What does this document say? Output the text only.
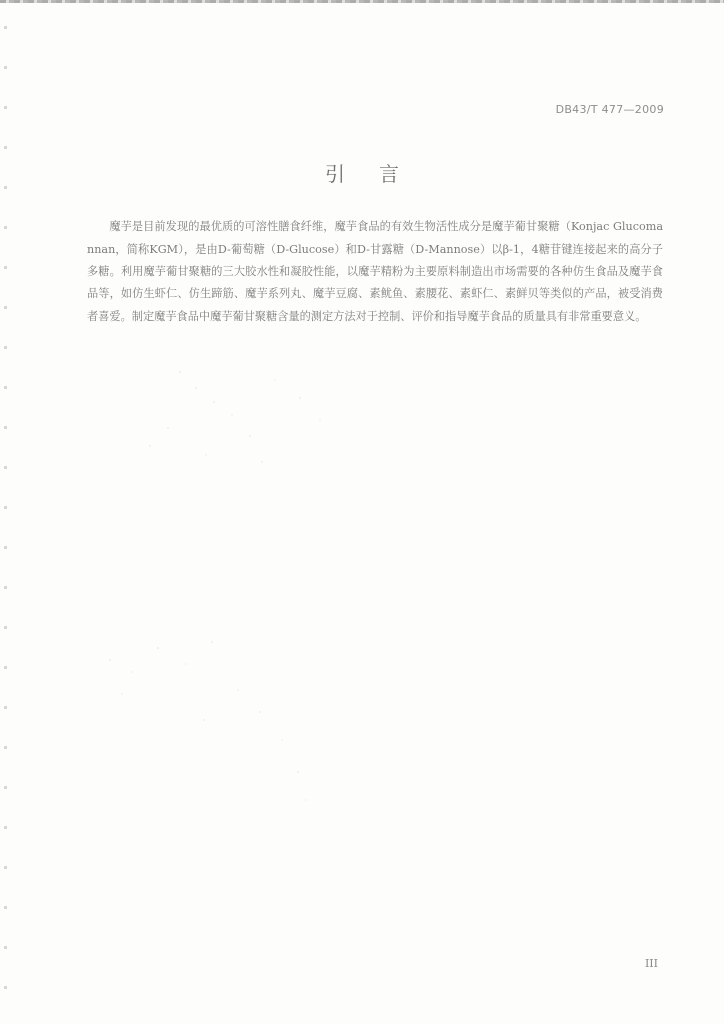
DB43/T 477—2009
引言

魔芋是目前发现的最优质的可溶性膳食纤维，魔芋食品的有效生物活性成分是魔芋葡甘聚糖（Konjac Glucomannan，简称KGM），是由D-葡萄糖（D-Glucose）和D-甘露糖（D-Mannose）以β-1，4糖苷键连接起来的高分子多糖。利用魔芋葡甘聚糖的三大胶水性和凝胶性能，以魔芋精粉为主要原料制造出市场需要的各种仿生食品及魔芋食品等，如仿生虾仁、仿生蹄筋、魔芋系列丸、魔芋豆腐、素鱿鱼、素腰花、素虾仁、素鲜贝等类似的产品，被受消费者喜爱。制定魔芋食品中魔芋葡甘聚糖含量的测定方法对于控制、评价和指导魔芋食品的质量具有非常重要意义。

III
